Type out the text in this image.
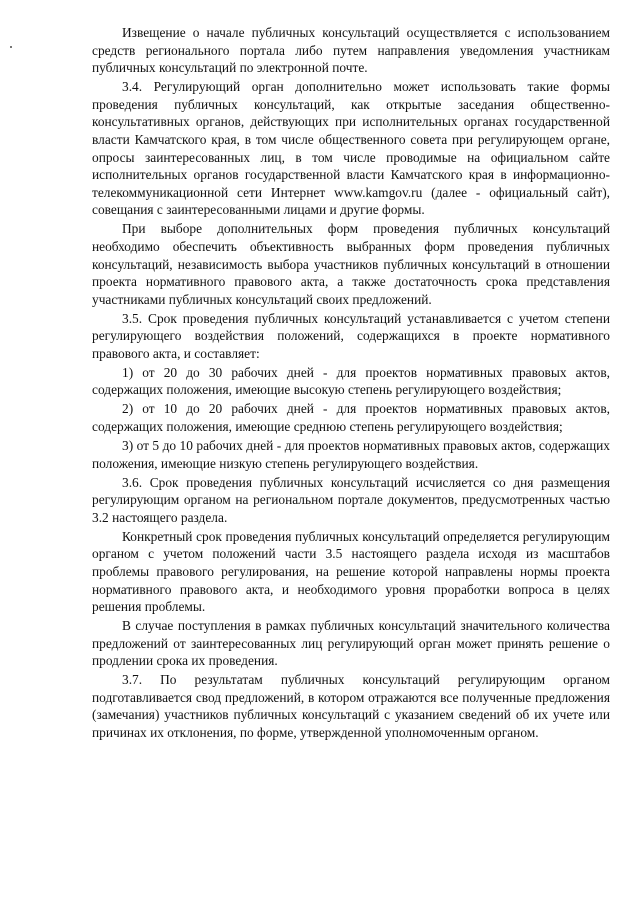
Извещение о начале публичных консультаций осуществляется с использованием средств регионального портала либо путем направления уведомления участникам публичных консультаций по электронной почте.

3.4. Регулирующий орган дополнительно может использовать такие формы проведения публичных консультаций, как открытые заседания общественно-консультативных органов, действующих при исполнительных органах государственной власти Камчатского края, в том числе общественного совета при регулирующем органе, опросы заинтересованных лиц, в том числе проводимые на официальном сайте исполнительных органов государственной власти Камчатского края в информационно-телекоммуникационной сети Интернет www.kamgov.ru (далее - официальный сайт), совещания с заинтересованными лицами и другие формы.

При выборе дополнительных форм проведения публичных консультаций необходимо обеспечить объективность выбранных форм проведения публичных консультаций, независимость выбора участников публичных консультаций в отношении проекта нормативного правового акта, а также достаточность срока представления участниками публичных консультаций своих предложений.

3.5. Срок проведения публичных консультаций устанавливается с учетом степени регулирующего воздействия положений, содержащихся в проекте нормативного правового акта, и составляет:

1) от 20 до 30 рабочих дней - для проектов нормативных правовых актов, содержащих положения, имеющие высокую степень регулирующего воздействия;

2) от 10 до 20 рабочих дней - для проектов нормативных правовых актов, содержащих положения, имеющие среднюю степень регулирующего воздействия;

3) от 5 до 10 рабочих дней - для проектов нормативных правовых актов, содержащих положения, имеющие низкую степень регулирующего воздействия.

3.6. Срок проведения публичных консультаций исчисляется со дня размещения регулирующим органом на региональном портале документов, предусмотренных частью 3.2 настоящего раздела.

Конкретный срок проведения публичных консультаций определяется регулирующим органом с учетом положений части 3.5 настоящего раздела исходя из масштабов проблемы правового регулирования, на решение которой направлены нормы проекта нормативного правового акта, и необходимого уровня проработки вопроса в целях решения проблемы.

В случае поступления в рамках публичных консультаций значительного количества предложений от заинтересованных лиц регулирующий орган может принять решение о продлении срока их проведения.

3.7. По результатам публичных консультаций регулирующим органом подготавливается свод предложений, в котором отражаются все полученные предложения (замечания) участников публичных консультаций с указанием сведений об их учете или причинах их отклонения, по форме, утвержденной уполномоченным органом.
